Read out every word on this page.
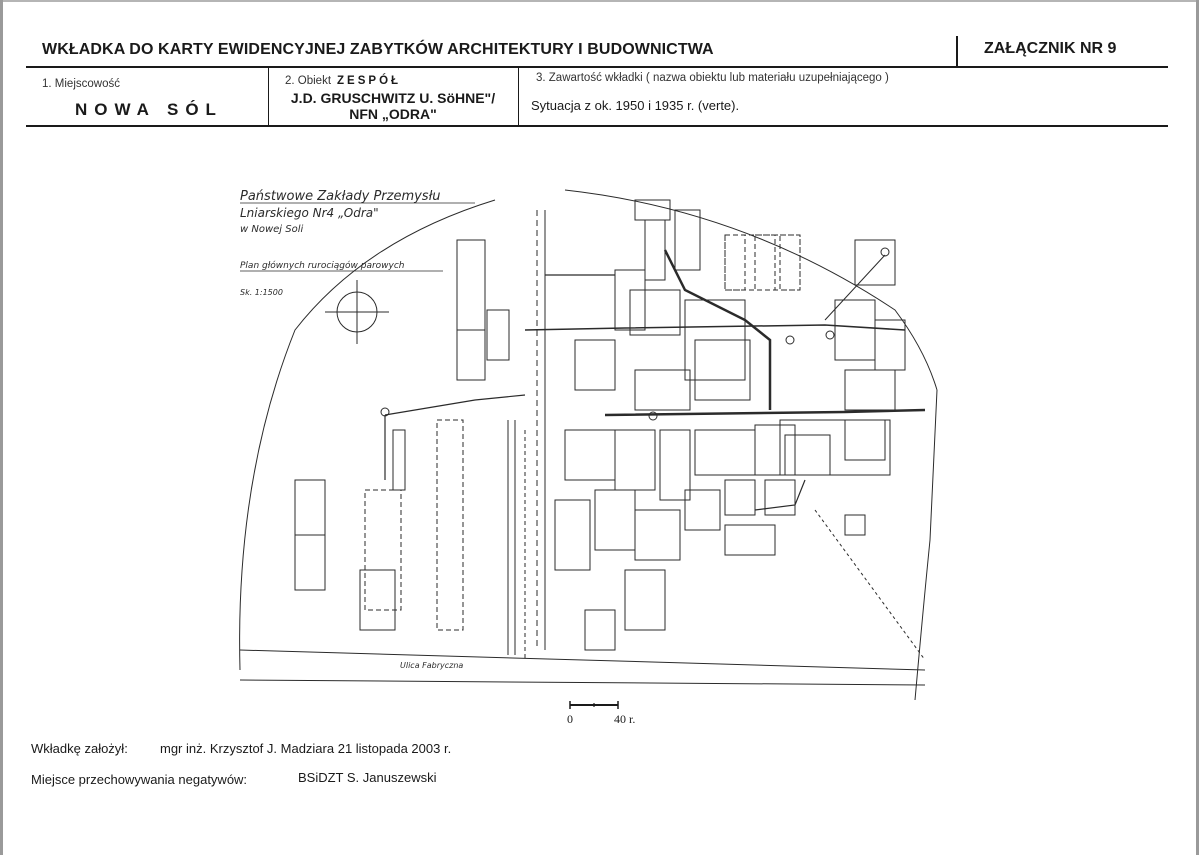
WKŁADKA DO KARTY EWIDENCYJNEJ ZABYTKÓW ARCHITEKTURY I BUDOWNICTWA	ZAŁĄCZNIK NR 9
1. Miejscowość
NOWA SÓL
2. Obiekt ZESPÓŁ
J.D. GRUSCHWITZ U. SöHNE"/
NFN „ODRA"
3. Zawartość wkładki ( nazwa obiektu lub materiału uzupełniającego )
Sytuacja z ok. 1950 i 1935 r. (verte).
Państwowe Zakłady Przemysłu
Lniarskiego Nr4 „Odra"
w Nowej Soli
Plan głównych rurociągów parowych
Sk. 1:1500
Ulica Fabryczna
0	40 r.
Wkładkę założył: mgr inż. Krzysztof J. Madziara 21 listopada 2003 r.
Miejsce przechowywania negatywów:	BSiDZT S. Januszewski
